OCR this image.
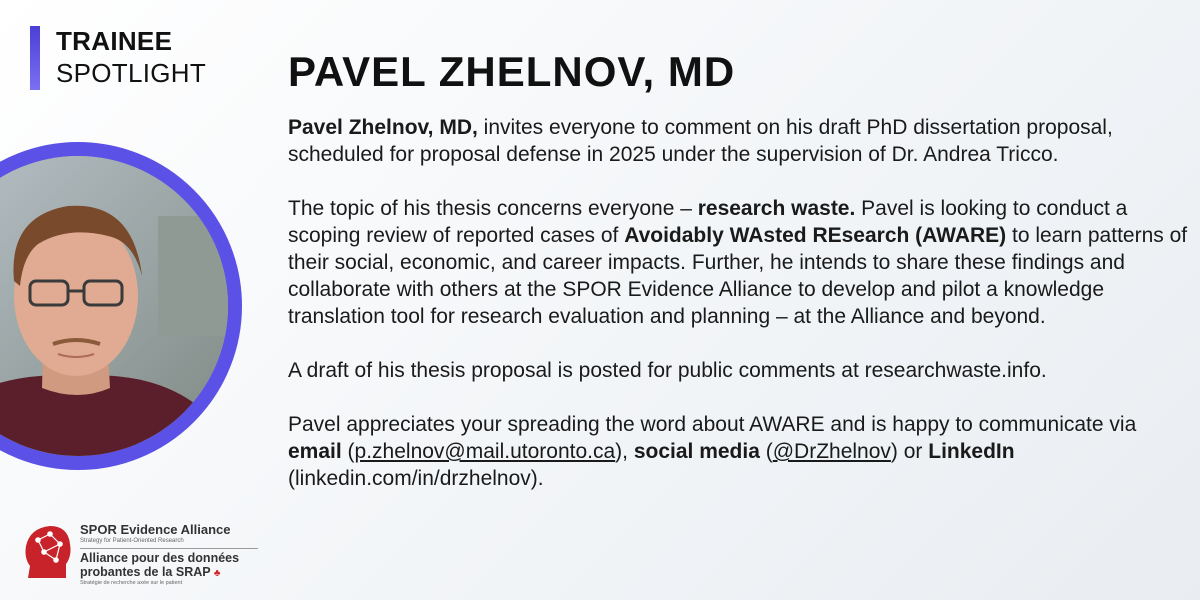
TRAINEE
SPOTLIGHT
SPOR Evidence Alliance
Strategy for Patient-Oriented Research
Alliance pour des données probantes de la SRAP ♣
Stratégie de recherche axée sur le patient
PAVEL ZHELNOV, MD

Pavel Zhelnov, MD, invites everyone to comment on his draft PhD dissertation proposal, scheduled for proposal defense in 2025 under the supervision of Dr. Andrea Tricco.

The topic of his thesis concerns everyone – research waste. Pavel is looking to conduct a scoping review of reported cases of Avoidably WAsted REsearch (AWARE) to learn patterns of their social, economic, and career impacts. Further, he intends to share these findings and collaborate with others at the SPOR Evidence Alliance to develop and pilot a knowledge translation tool for research evaluation and planning – at the Alliance and beyond.

A draft of his thesis proposal is posted for public comments at researchwaste.info.

Pavel appreciates your spreading the word about AWARE and is happy to communicate via email (p.zhelnov@mail.utoronto.ca), social media (@DrZhelnov) or LinkedIn (linkedin.com/in/drzhelnov).
